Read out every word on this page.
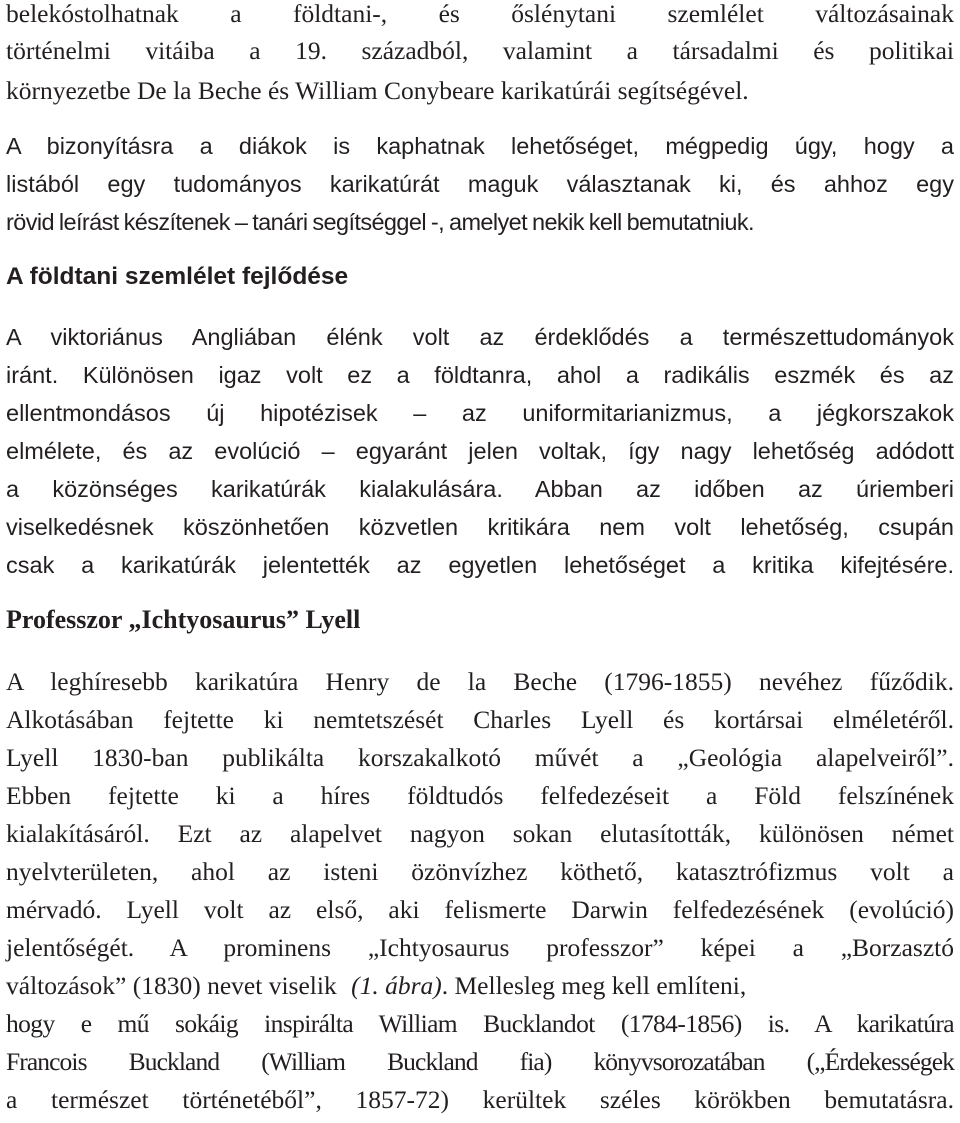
belekóstolhatnak a földtani-, és őslénytani szemlélet változásainak
történelmi vitáiba a 19. századból, valamint a társadalmi és politikai
környezetbe De la Beche és William Conybeare karikatúrái segítségével.
A bizonyításra a diákok is kaphatnak lehetőséget, mégpedig úgy, hogy a
listából egy tudományos karikatúrát maguk választanak ki, és ahhoz egy
rövid leírást készítenek – tanári segítséggel -, amelyet nekik kell bemutatniuk.
A földtani szemlélet fejlődése
A viktoriánus Angliában élénk volt az érdeklődés a természettudományok
iránt. Különösen igaz volt ez a földtanra, ahol a radikális eszmék és az
ellentmondásos új hipotézisek – az uniformitarianizmus, a jégkorszakok
elmélete, és az evolúció – egyaránt jelen voltak, így nagy lehetőség adódott
a közönséges karikatúrák kialakulására. Abban az időben az úriemberi
viselkedésnek köszönhetően közvetlen kritikára nem volt lehetőség, csupán
csak a karikatúrák jelentették az egyetlen lehetőséget a kritika kifejtésére.
Professzor „Ichtyosaurus” Lyell
A leghíresebb karikatúra Henry de la Beche (1796-1855) nevéhez fűződik.
Alkotásában fejtette ki nemtetszését Charles Lyell és kortársai elméletéről.
Lyell 1830-ban publikálta korszakalkotó művét a „Geológia alapelveiről”.
Ebben fejtette ki a híres földtudós felfedezéseit a Föld felszínének
kialakításáról. Ezt az alapelvet nagyon sokan elutasították, különösen német
nyelvterületen, ahol az isteni özönvízhez köthető, katasztrófizmus volt a
mérvadó. Lyell volt az első, aki felismerte Darwin felfedezésének (evolúció)
jelentőségét. A prominens „Ichtyosaurus professzor” képei a „Borzasztó
változások” (1830) nevet viselik (1. ábra) . Mellesleg meg kell említeni,
hogy e mű sokáig inspirálta William Bucklandot (1784-1856) is. A karikatúra
Francois Buckland (William Buckland fia) könyvsorozatában („Érdekességek
a természet történetéből”, 1857-72) kerültek széles körökben bemutatásra.
